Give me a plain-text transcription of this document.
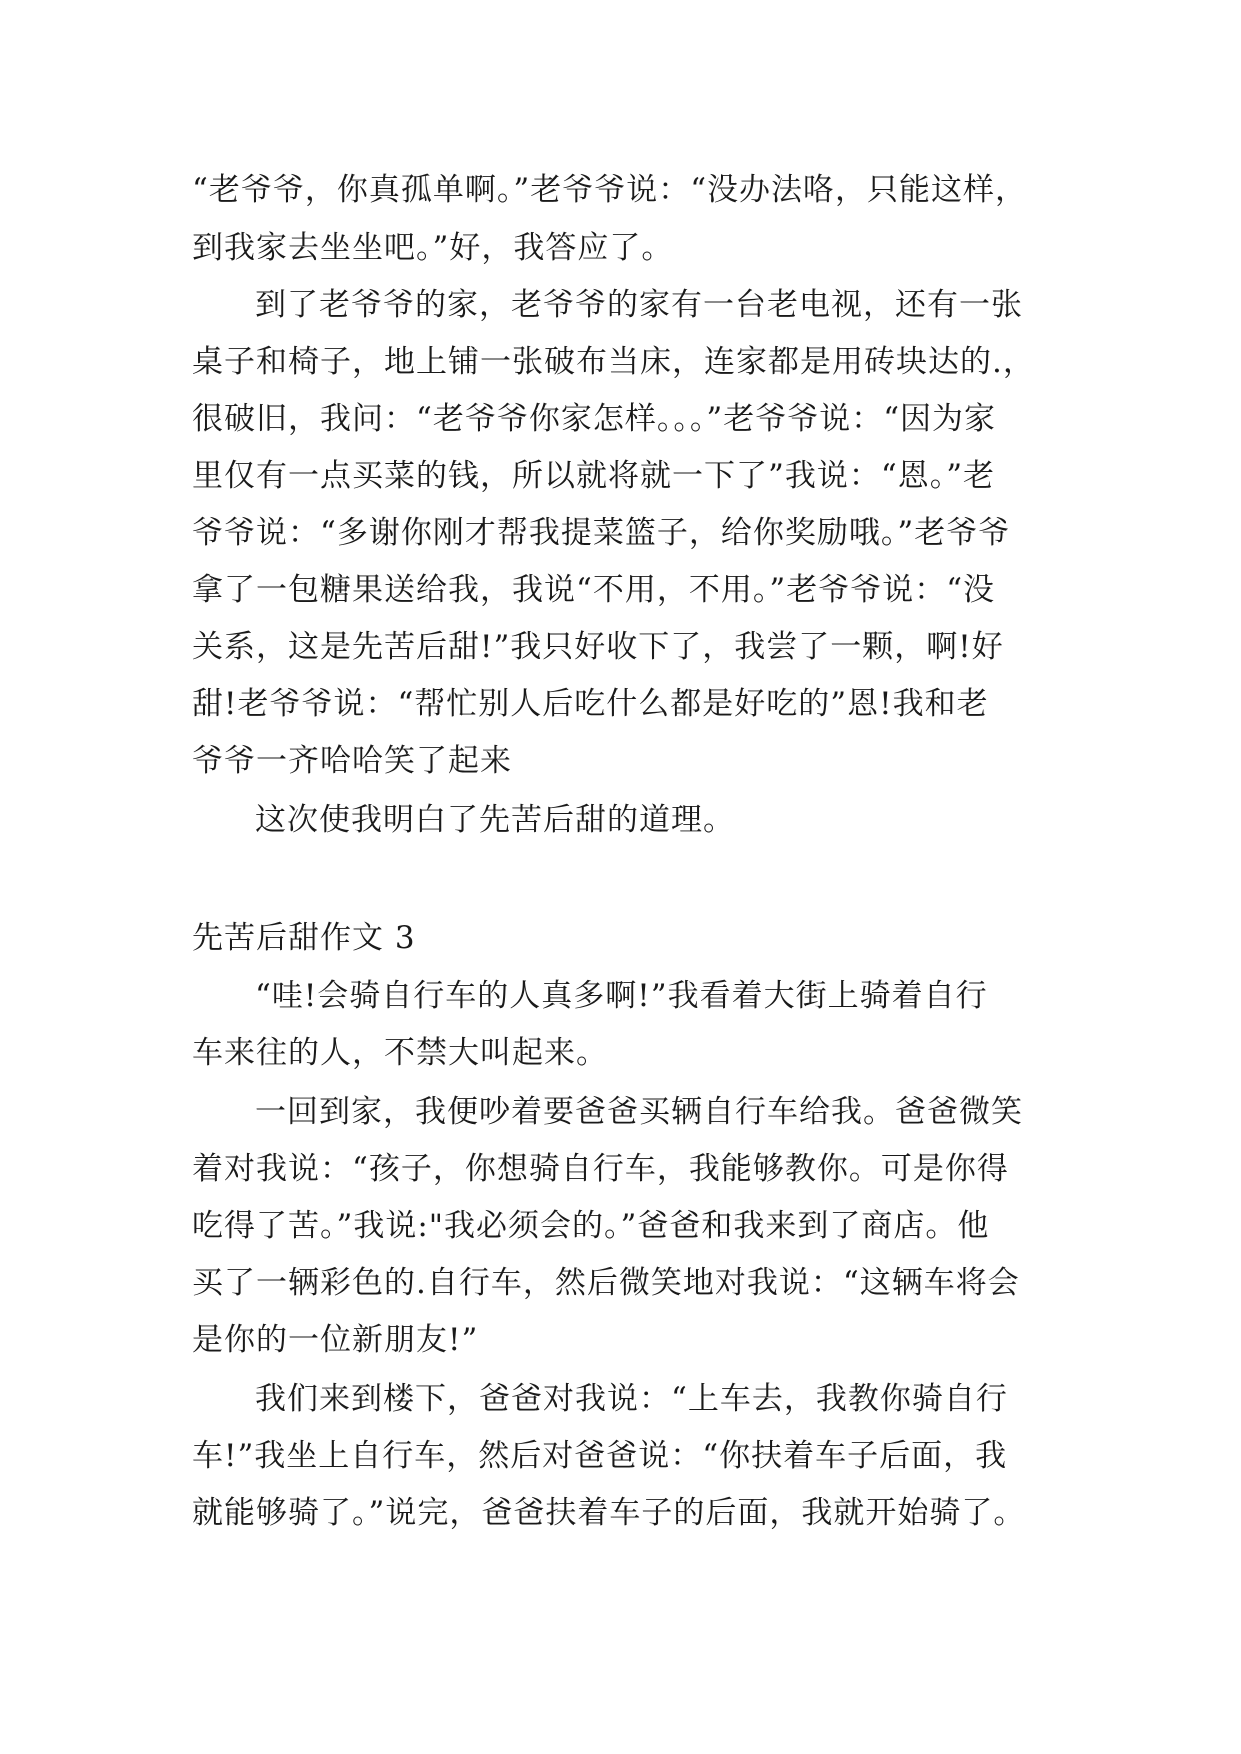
“老爷爷，你真孤单啊。”老爷爷说：“没办法咯，只能这样，
到我家去坐坐吧。”好，我答应了。
到了老爷爷的家，老爷爷的家有一台老电视，还有一张
桌子和椅子，地上铺一张破布当床，连家都是用砖块达的.，
很破旧，我问：“老爷爷你家怎样。。。”老爷爷说：“因为家
里仅有一点买菜的钱，所以就将就一下了”我说：“恩。”老
爷爷说：“多谢你刚才帮我提菜篮子，给你奖励哦。”老爷爷
拿了一包糖果送给我，我说“不用，不用。”老爷爷说：“没
关系，这是先苦后甜!”我只好收下了，我尝了一颗，啊!好
甜!老爷爷说：“帮忙别人后吃什么都是好吃的”恩!我和老
爷爷一齐哈哈笑了起来
这次使我明白了先苦后甜的道理。
先苦后甜作文 3
“哇!会骑自行车的人真多啊!”我看着大街上骑着自行
车来往的人，不禁大叫起来。
一回到家，我便吵着要爸爸买辆自行车给我。爸爸微笑
着对我说：“孩子，你想骑自行车，我能够教你。可是你得
吃得了苦。”我说:"我必须会的。”爸爸和我来到了商店。他
买了一辆彩色的.自行车，然后微笑地对我说：“这辆车将会
是你的一位新朋友!”
我们来到楼下，爸爸对我说：“上车去，我教你骑自行
车!”我坐上自行车，然后对爸爸说：“你扶着车子后面，我
就能够骑了。”说完，爸爸扶着车子的后面，我就开始骑了。
